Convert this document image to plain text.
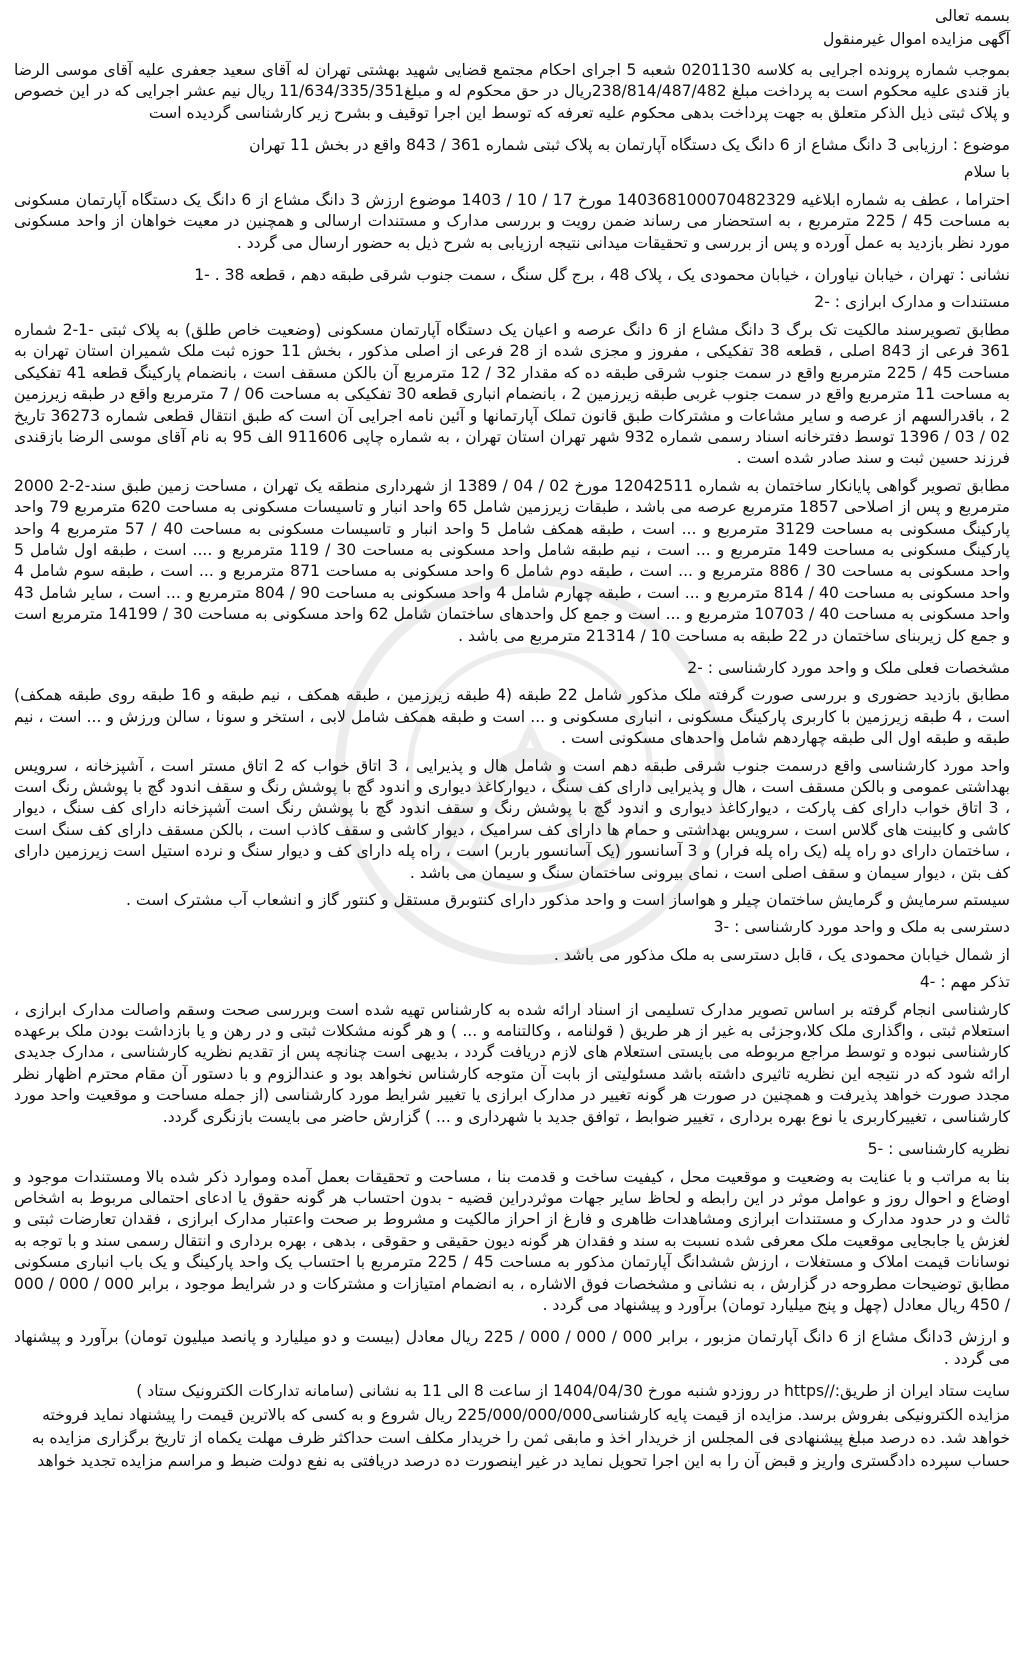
بسمه تعالی

آگهی مزایده اموال غیرمنقول

بموجب شماره پرونده اجرایی به کلاسه 0201130 شعبه 5 اجرای احکام مجتمع قضایی شهید بهشتی تهران له آقای سعید جعفری علیه آقای موسی الرضا باز قندی علیه محکوم است به پرداخت مبلغ 238/814/487/482ریال در حق محکوم له و مبلغ11/634/335/351 ریال نیم عشر اجرایی که در این خصوص و پلاک ثبتی ذیل الذکر متعلق به جهت پرداخت بدهی محکوم علیه تعرفه که توسط این اجرا توقیف و بشرح زیر کارشناسی گردیده است

موضوع : ارزیابی 3 دانگ مشاع از 6 دانگ یک دستگاه آپارتمان به پلاک ثبتی شماره 361 / 843 واقع در بخش 11 تهران

با سلام

احتراما ، عطف به شماره ابلاغیه 140368100070482329 مورخ 17 / 10 / 1403 موضوع ارزش 3 دانگ مشاع از 6 دانگ یک دستگاه آپارتمان مسکونی به مساحت 45 / 225 مترمربع ، به استحضار می رساند ضمن رویت و بررسی مدارک و مستندات ارسالی و همچنین در معیت خواهان از واحد مسکونی مورد نظر بازدید به عمل آورده و پس از بررسی و تحقیقات میدانی نتیجه ارزیابی به شرح ذیل به حضور ارسال می گردد .

نشانی : تهران ، خیابان نیاوران ، خیابان محمودی یک ، پلاک 48 ، برج گل سنگ ، سمت جنوب شرقی طبقه دهم ، قطعه 38 . -1

مستندات و مدارک ابرازی : -2

مطابق تصویرسند مالکیت تک برگ 3 دانگ مشاع از 6 دانگ عرصه و اعیان یک دستگاه آپارتمان مسکونی (وضعیت خاص طلق) به پلاک ثبتی -1-2 شماره 361 فرعی از 843 اصلی ، قطعه 38 تفکیکی ، مفروز و مجزی شده از 28 فرعی از اصلی مذکور ، بخش 11 حوزه ثبت ملک شمیران استان تهران به مساحت 45 / 225 مترمربع واقع در سمت جنوب شرقی طبقه ده که مقدار 32 / 12 مترمربع آن بالکن مسقف است ، بانضمام پارکینگ قطعه 41 تفکیکی به مساحت 11 مترمربع واقع در سمت جنوب غربی طبقه زیرزمین 2 ، بانضمام انباری قطعه 30 تفکیکی به مساحت 06 / 7 مترمربع واقع در طبقه زیرزمین 2 ، باقدرالسهم از عرصه و سایر مشاعات و مشترکات طبق قانون تملک آپارتمانها و آئین نامه اجرایی آن است که طبق انتقال قطعی شماره 36273 تاریخ 02 / 03 / 1396 توسط دفترخانه اسناد رسمی شماره 932 شهر تهران استان تهران ، به شماره چاپی 911606 الف 95 به نام آقای موسی الرضا بازقندی فرزند حسین ثبت و سند صادر شده است .

مطابق تصویر گواهی پایانکار ساختمان به شماره 12042511 مورخ 02 / 04 / 1389 از شهرداری منطقه یک تهران ، مساحت زمین طبق سند-2-2 2000 مترمربع و پس از اصلاحی 1857 مترمربع عرصه می باشد ، طبقات زیرزمین شامل 65 واحد انبار و تاسیسات مسکونی به مساحت 620 مترمربع 79 واحد پارکینگ مسکونی به مساحت 3129 مترمربع و ... است ، طبقه همکف شامل 5 واحد انبار و تاسیسات مسکونی به مساحت 40 / 57 مترمربع 4 واحد پارکینگ مسکونی به مساحت 149 مترمربع و ... است ، نیم طبقه شامل واحد مسکونی به مساحت 30 / 119 مترمربع و .... است ، طبقه اول شامل 5 واحد مسکونی به مساحت 30 / 886 مترمربع و ... است ، طبقه دوم شامل 6 واحد مسکونی به مساحت 871 مترمربع و ... است ، طبقه سوم شامل 4 واحد مسکونی به مساحت 40 / 814 مترمربع و ... است ، طبقه چهارم شامل 4 واحد مسکونی به مساحت 90 / 804 مترمربع و ... است ، سایر شامل 43 واحد مسکونی به مساحت 40 / 10703 مترمربع و ... است و جمع کل واحدهای ساختمان شامل 62 واحد مسکونی به مساحت 30 / 14199 مترمربع است و جمع کل زیربنای ساختمان در 22 طبقه به مساحت 10 / 21314 مترمربع می باشد .

مشخصات فعلی ملک و واحد مورد کارشناسی : -2

مطابق بازدید حضوری و بررسی صورت گرفته ملک مذکور شامل 22 طبقه (4 طبقه زیرزمین ، طبقه همکف ، نیم طبقه و 16 طبقه روی طبقه همکف) است ، 4 طبقه زیرزمین با کاربری پارکینگ مسکونی ، انباری مسکونی و ... است و طبقه همکف شامل لابی ، استخر و سونا ، سالن ورزش و ... است ، نیم طبقه و طبقه اول الی طبقه چهاردهم شامل واحدهای مسکونی است .

واحد مورد کارشناسی واقع درسمت جنوب شرقی طبقه دهم است و شامل هال و پذیرایی ، 3 اتاق خواب که 2 اتاق مستر است ، آشپزخانه ، سرویس بهداشتی عمومی و بالکن مسقف است ، هال و پذیرایی دارای کف سنگ ، دیوارکاغذ دیواری و اندود گچ با پوشش رنگ و سقف اندود گچ با پوشش رنگ است ، 3 اتاق خواب دارای کف پارکت ، دیوارکاغذ دیواری و اندود گچ با پوشش رنگ و سقف اندود گچ با پوشش رنگ است آشپزخانه دارای کف سنگ ، دیوار کاشی و کابینت های گلاس است ، سرویس بهداشتی و حمام ها دارای کف سرامیک ، دیوار کاشی و سقف کاذب است ، بالکن مسقف دارای کف سنگ است ، ساختمان دارای دو راه پله (یک راه پله فرار) و 3 آسانسور (یک آسانسور باربر) است ، راه پله دارای کف و دیوار سنگ و نرده استیل است زیرزمین دارای کف بتن ، دیوار سیمان و سقف اصلی است ، نمای بیرونی ساختمان سنگ و سیمان می باشد .

سیستم سرمایش و گرمایش ساختمان چیلر و هواساز است و واحد مذکور دارای کنتوبرق مستقل و کنتور گاز و انشعاب آب مشترک است .

دسترسی به ملک و واحد مورد کارشناسی : -3

از شمال خیابان محمودی یک ، قابل دسترسی به ملک مذکور می باشد .

تذکر مهم : -4

کارشناسی انجام گرفته بر اساس تصویر مدارک تسلیمی از اسناد ارائه شده به کارشناس تهیه شده است وبررسی صحت وسقم واصالت مدارک ابرازی ، استعلام ثبتی ، واگذاری ملک کلا،وجزئی به غیر از هر طریق ( قولنامه ، وکالتنامه و ... ) و هر گونه مشکلات ثبتی و در رهن و یا بازداشت بودن ملک برعهده کارشناسی نبوده و توسط مراجع مربوطه می بایستی استعلام های لازم دریافت گردد ، بدیهی است چنانچه پس از تقدیم نظریه کارشناسی ، مدارک جدیدی ارائه شود که در نتیجه این نظریه تاثیری داشته باشد مسئولیتی از بابت آن متوجه کارشناس نخواهد بود و عندالزوم و با دستور آن مقام محترم اظهار نظر مجدد صورت خواهد پذیرفت و همچنین در صورت هر گونه تغییر در مدارک ابرازی یا تغییر شرایط مورد کارشناسی (از جمله مساحت و موقعیت واحد مورد کارشناسی ، تغییرکاربری یا نوع بهره برداری ، تغییر ضوابط ، توافق جدید با شهرداری و ... ) گزارش حاضر می بایست بازنگری گردد.

نظریه کارشناسی : -5

بنا به مراتب و با عنایت به وضعیت و موقعیت محل ، کیفیت ساخت و قدمت بنا ، مساحت و تحقیقات بعمل آمده وموارد ذکر شده بالا ومستندات موجود و اوضاع و احوال روز و عوامل موثر در این رابطه و لحاظ سایر جهات موثردراین قضیه - بدون احتساب هر گونه حقوق یا ادعای احتمالی مربوط به اشخاص ثالث و در حدود مدارک و مستندات ابرازی ومشاهدات ظاهری و فارغ از احراز مالکیت و مشروط بر صحت واعتبار مدارک ابرازی ، فقدان تعارضات ثبتی و لغزش یا جابجایی موقعیت ملک معرفی شده نسبت به سند و فقدان هر گونه دیون حقیقی و حقوقی ، بدهی ، بهره برداری و انتقال رسمی سند و با توجه به نوسانات قیمت املاک و مستغلات ، ارزش ششدانگ آپارتمان مذکور به مساحت 45 / 225 مترمربع با احتساب یک واحد پارکینگ و یک باب انباری مسکونی مطابق توضیحات مطروحه در گزارش ، به نشانی و مشخصات فوق الاشاره ، به انضمام امتیازات و مشترکات و در شرایط موجود ، برابر 000 / 000 / 000 / 450 ریال معادل (چهل و پنج میلیارد تومان) برآورد و پیشنهاد می گردد .

و ارزش 3دانگ مشاع از 6 دانگ آپارتمان مزبور ، برابر 000 / 000 / 000 / 225 ریال معادل (بیست و دو میلیارد و پانصد میلیون تومان) برآورد و پیشنهاد می گردد .

سایت ستاد ایران از طریق://https در روزدو شنبه مورخ 1404/04/30 از ساعت 8 الی 11 به نشانی (سامانه تدارکات الکترونیک ستاد )

مزایده الکترونیکی بفروش برسد. مزایده از قیمت پایه کارشناسی225/000/000/000 ریال شروع و به کسی که بالاترین قیمت را پیشنهاد نماید فروخته

خواهد شد. ده درصد مبلغ پیشنهادی فی المجلس از خریدار اخذ و مابقی ثمن را خریدار مکلف است حداکثر ظرف مهلت یکماه از تاریخ برگزاری مزایده به

حساب سپرده دادگستری واریز و قبض آن را به این اجرا تحویل نماید در غیر اینصورت ده درصد دریافتی به نفع دولت ضبط و مراسم مزایده تجدید خواهد
